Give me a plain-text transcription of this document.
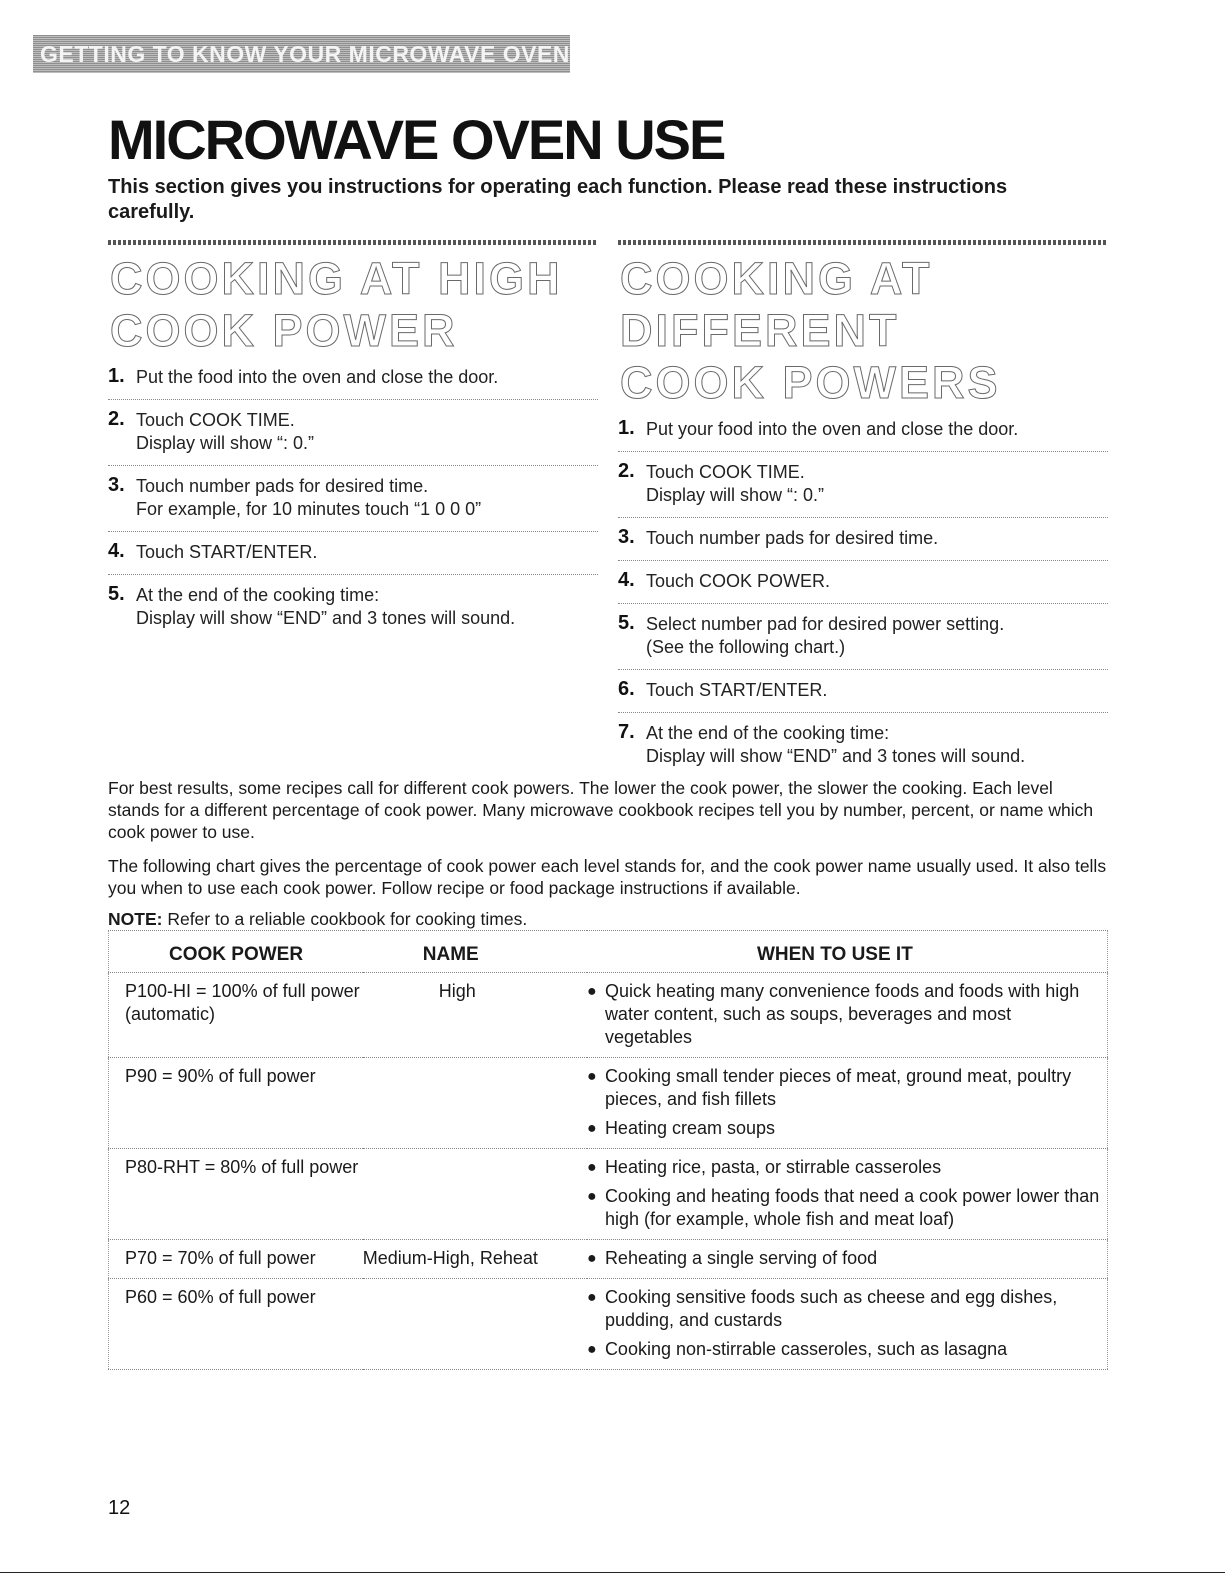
GETTING TO KNOW YOUR MICROWAVE OVEN
MICROWAVE OVEN USE

This section gives you instructions for operating each function. Please read these instructions carefully.

COOKING AT HIGH COOK POWER
1. Put the food into the oven and close the door.
2. Touch COOK TIME.
Display will show “: 0.”
3. Touch number pads for desired time.
For example, for 10 minutes touch “1 0 0 0”
4. Touch START/ENTER.
5. At the end of the cooking time:
Display will show “END” and 3 tones will sound.
COOKING AT DIFFERENT COOK POWERS
1. Put your food into the oven and close the door.
2. Touch COOK TIME.
Display will show “: 0.”
3. Touch number pads for desired time.
4. Touch COOK POWER.
5. Select number pad for desired power setting.
(See the following chart.)
6. Touch START/ENTER.
7. At the end of the cooking time:
Display will show “END” and 3 tones will sound.

For best results, some recipes call for different cook powers. The lower the cook power, the slower the cooking. Each level stands for a different percentage of cook power. Many microwave cookbook recipes tell you by number, percent, or name which cook power to use.

The following chart gives the percentage of cook power each level stands for, and the cook power name usually used. It also tells you when to use each cook power. Follow recipe or food package instructions if available.

NOTE: Refer to a reliable cookbook for cooking times.

COOK POWER	NAME	WHEN TO USE IT
P100-HI = 100% of full power (automatic)	High	● Quick heating many convenience foods and foods with high water content, such as soups, beverages and most vegetables

P90 = 90% of full power		● Cooking small tender pieces of meat, ground meat, poultry pieces, and fish fillets
● Heating cream soups

P80-RHT = 80% of full power		● Heating rice, pasta, or stirrable casseroles
● Cooking and heating foods that need a cook power lower than high (for example, whole fish and meat loaf)

P70 = 70% of full power	Medium-High, Reheat	● Reheating a single serving of food

P60 = 60% of full power		● Cooking sensitive foods such as cheese and egg dishes, pudding, and custards
● Cooking non-stirrable casseroles, such as lasagna
12
